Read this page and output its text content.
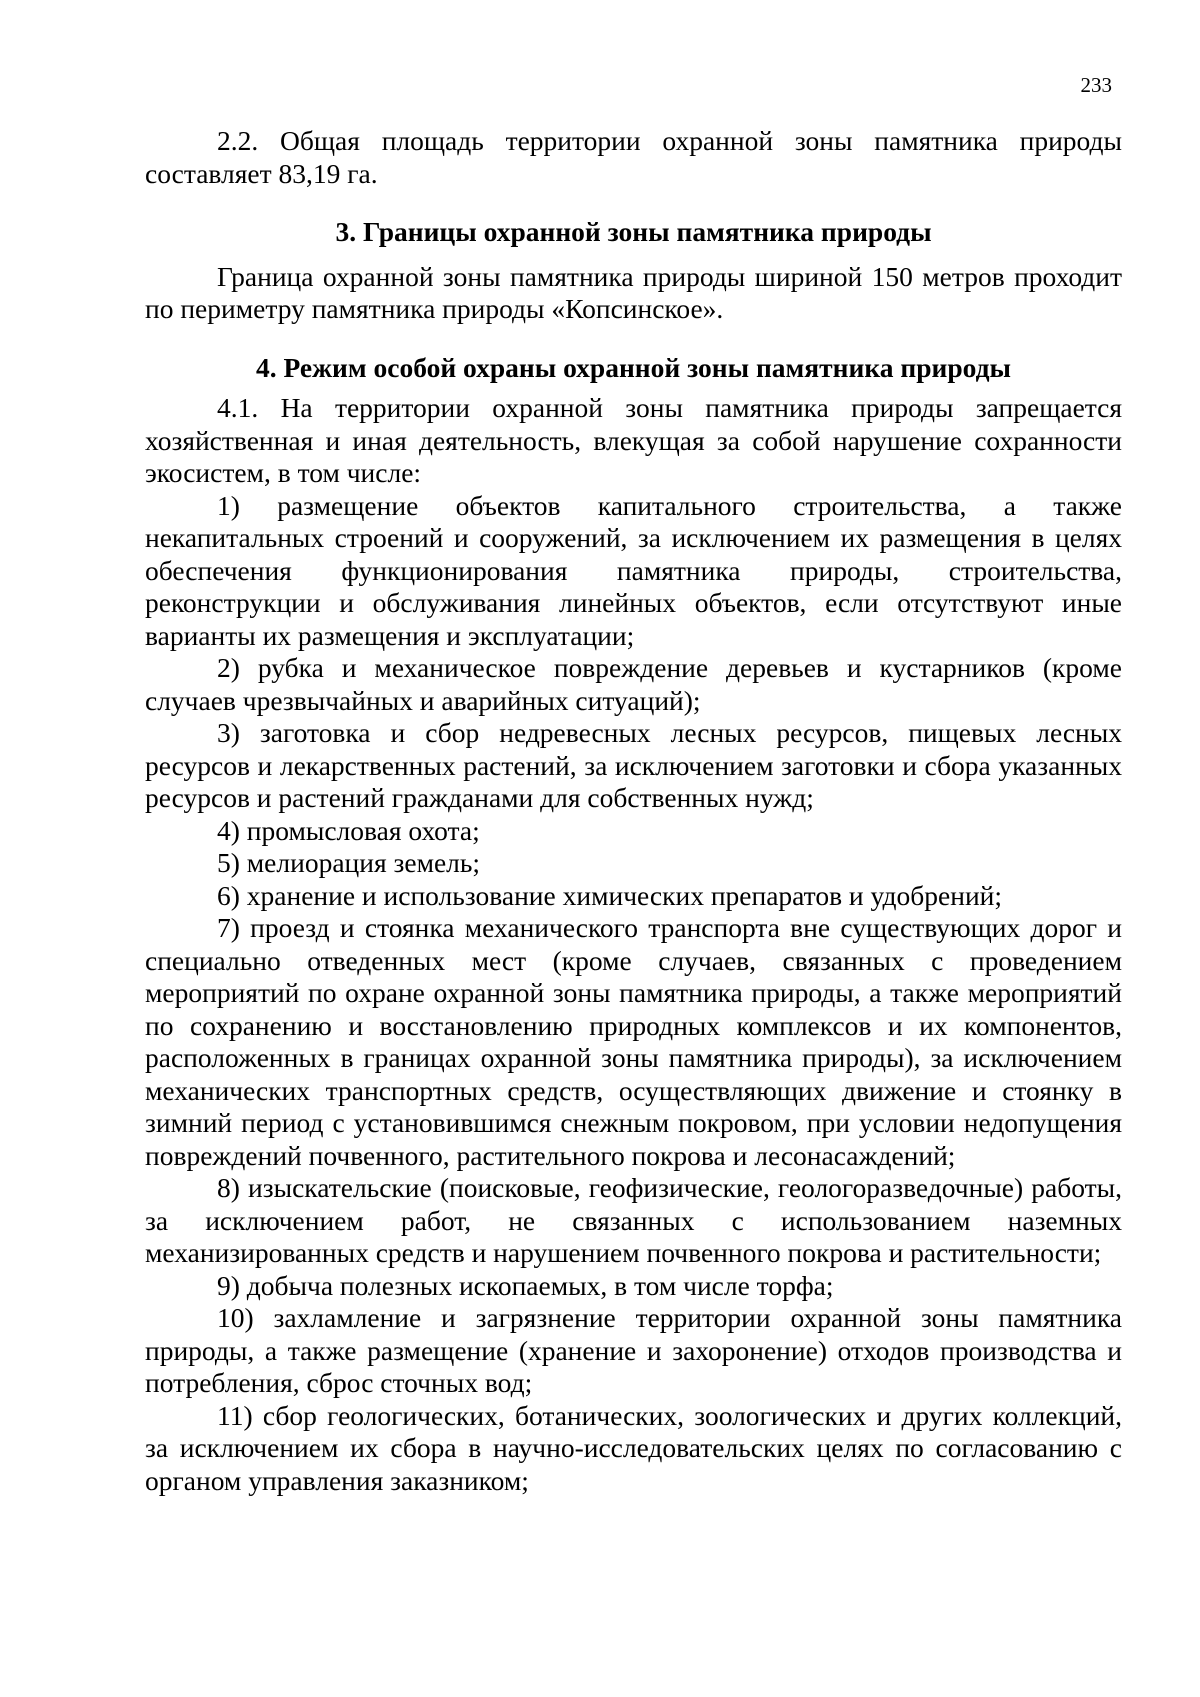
233

2.2. Общая площадь территории охранной зоны памятника природы составляет 83,19 га.

3. Границы охранной зоны памятника природы

Граница охранной зоны памятника природы шириной 150 метров проходит по периметру памятника природы «Копсинское».

4. Режим особой охраны охранной зоны памятника природы

4.1. На территории охранной зоны памятника природы запрещается хозяйственная и иная деятельность, влекущая за собой нарушение сохранности экосистем, в том числе:

1) размещение объектов капитального строительства, а также некапитальных строений и сооружений, за исключением их размещения в целях обеспечения функционирования памятника природы, строительства, реконструкции и обслуживания линейных объектов, если отсутствуют иные варианты их размещения и эксплуатации;

2) рубка и механическое повреждение деревьев и кустарников (кроме случаев чрезвычайных и аварийных ситуаций);

3) заготовка и сбор недревесных лесных ресурсов, пищевых лесных ресурсов и лекарственных растений, за исключением заготовки и сбора указанных ресурсов и растений гражданами для собственных нужд;

4) промысловая охота;

5) мелиорация земель;

6) хранение и использование химических препаратов и удобрений;

7) проезд и стоянка механического транспорта вне существующих дорог и специально отведенных мест (кроме случаев, связанных с проведением мероприятий по охране охранной зоны памятника природы, а также мероприятий по сохранению и восстановлению природных комплексов и их компонентов, расположенных в границах охранной зоны памятника природы), за исключением механических транспортных средств, осуществляющих движение и стоянку в зимний период с установившимся снежным покровом, при условии недопущения повреждений почвенного, растительного покрова и лесонасаждений;

8) изыскательские (поисковые, геофизические, геологоразведочные) работы, за исключением работ, не связанных с использованием наземных механизированных средств и нарушением почвенного покрова и растительности;

9) добыча полезных ископаемых, в том числе торфа;

10) захламление и загрязнение территории охранной зоны памятника природы, а также размещение (хранение и захоронение) отходов производства и потребления, сброс сточных вод;

11) сбор геологических, ботанических, зоологических и других коллекций, за исключением их сбора в научно-исследовательских целях по согласованию с органом управления заказником;
